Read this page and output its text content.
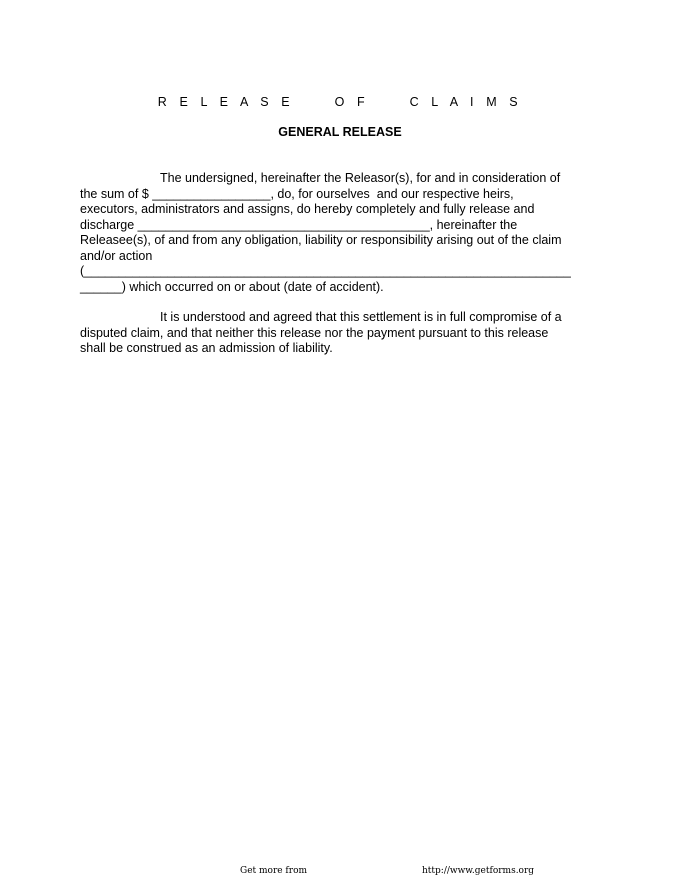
R E L E A S E     O F     C L A I M S
GENERAL RELEASE
The undersigned, hereinafter the Releasor(s), for and in consideration of
the sum of $ _________________, do, for ourselves  and our respective heirs,
executors, administrators and assigns, do hereby completely and fully release and
discharge __________________________________________, hereinafter the
Releasee(s), of and from any obligation, liability or responsibility arising out of the claim
and/or action
(______________________________________________________________________
______) which occurred on or about (date of accident).
It is understood and agreed that this settlement is in full compromise of a
disputed claim, and that neither this release nor the payment pursuant to this release
shall be construed as an admission of liability.
Get more from	http://www.getforms.org
